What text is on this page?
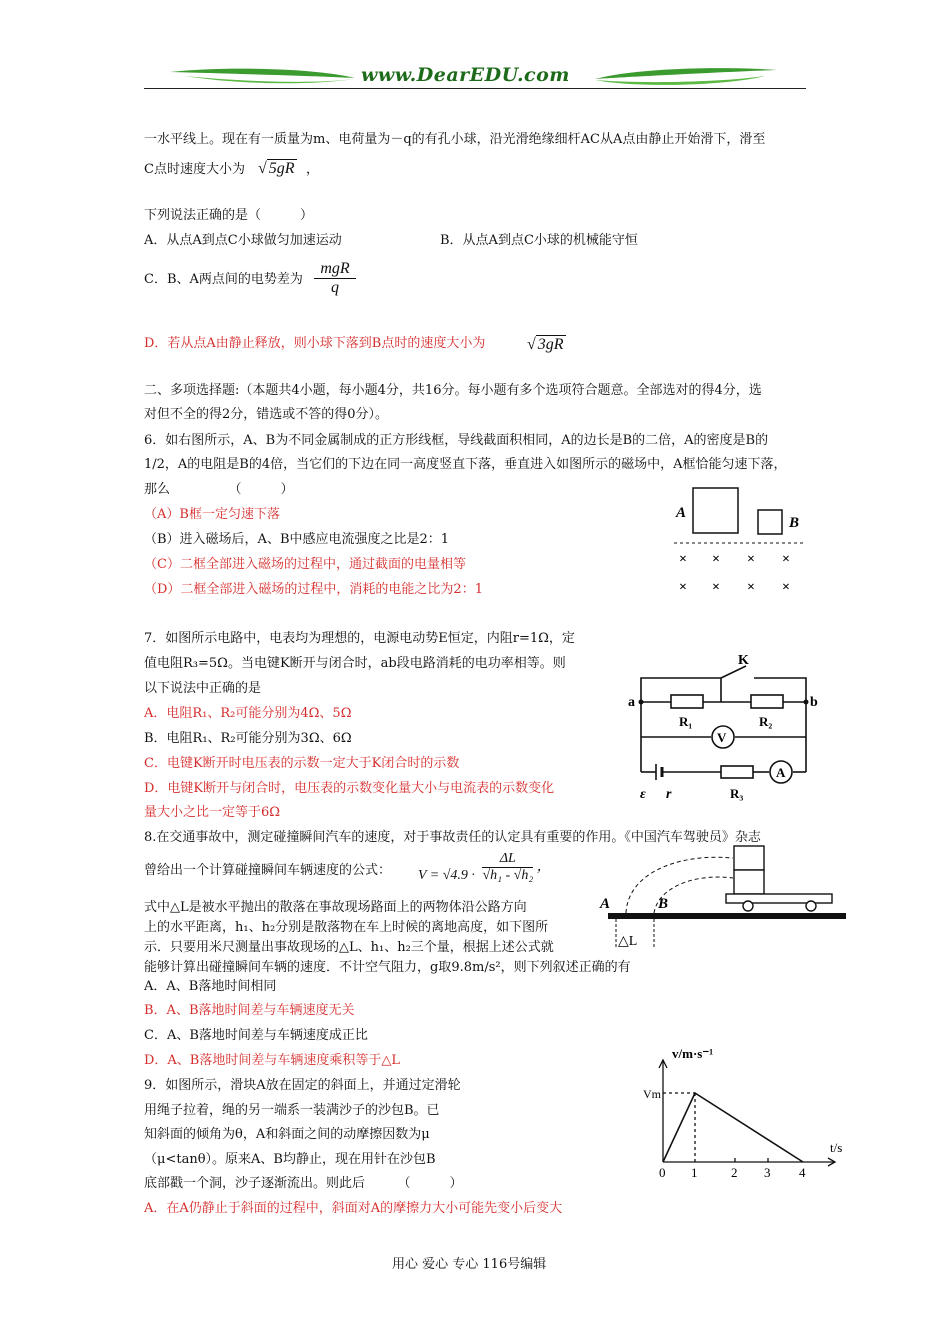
www.DearEDU.com
一水平线上。现在有一质量为m、电荷量为－q的有孔小球，沿光滑绝缘细杆AC从A点由静止开始滑下，滑至
C点时速度大小为 √ 5gR ，
下列说法正确的是（　　　）
A．从点A到点C小球做匀加速运动	B．从点A到点C小球的机械能守恒
C．B、A两点间的电势差为
mgR
q
D．若从点A由静止释放，则小球下落到B点时的速度大小为	√ 3gR
二、多项选择题:（本题共4小题，每小题4分，共16分。每小题有多个选项符合题意。全部选对的得4分，选
对但不全的得2分，错选或不答的得0分）。
6．如右图所示，A、B为不同金属制成的正方形线框，导线截面积相同，A的边长是B的二倍，A的密度是B的
1/2，A的电阻是B的4倍，当它们的下边在同一高度竖直下落，垂直进入如图所示的磁场中，A框恰能匀速下落，
那么　　　　　（　　　）
（A）B框一定匀速下落
（B）进入磁场后，A、B中感应电流强度之比是2：1
（C）二框全部进入磁场的过程中，通过截面的电量相等
（D）二框全部进入磁场的过程中，消耗的电能之比为2：1
A
B
× × × ×
× × × ×
7．如图所示电路中，电表均为理想的，电源电动势E恒定，内阻r=1Ω，定
值电阻R₃=5Ω。当电键K断开与闭合时，ab段电路消耗的电功率相等。则
以下说法中正确的是
A．电阻R₁、R₂可能分别为4Ω、5Ω
B．电阻R₁、R₂可能分别为3Ω、6Ω
C．电键K断开时电压表的示数一定大于K闭合时的示数
D．电键K断开与闭合时，电压表的示数变化量大小与电流表的示数变化
量大小之比一定等于6Ω
K
a	b
R₁	R₂
V
A
ε r	R₃
8.在交通事故中，测定碰撞瞬间汽车的速度，对于事故责任的认定具有重要的作用。《中国汽车驾驶员》杂志
曾给出一个计算碰撞瞬间车辆速度的公式： $V = √4.9 \cdot \frac{\Delta L}{\text{√h₁ - √h₂}}$ ，
式中△L是被水平抛出的散落在事故现场路面上的两物体沿公路方向
上的水平距离，h₁、h₂分别是散落物在车上时候的离地高度，如下图所
示．只要用米尺测量出事故现场的△L、h₁、h₂三个量，根据上述公式就
能够计算出碰撞瞬间车辆的速度．不计空气阻力，g取9.8m/s²，则下列叙述正确的有
A．A、B落地时间相同
B．A、B落地时间差与车辆速度无关
C．A、B落地时间差与车辆速度成正比
D．A、B落地时间差与车辆速度乘积等于△L
A	B
△L
9．如图所示，滑块A放在固定的斜面上，并通过定滑轮
用绳子拉着，绳的另一端系一装满沙子的沙包B。已
知斜面的倾角为θ，A和斜面之间的动摩擦因数为μ
（μ<tanθ）。原来A、B均静止，现在用针在沙包B
底部戳一个洞，沙子逐渐流出。则此后　　　（　　　）
A．在A仍静止于斜面的过程中，斜面对A的摩擦力大小可能先变小后变大
v/m·s⁻¹
Vm
t/s
0 1	2 3 4
用心 爱心 专心 116号编辑
